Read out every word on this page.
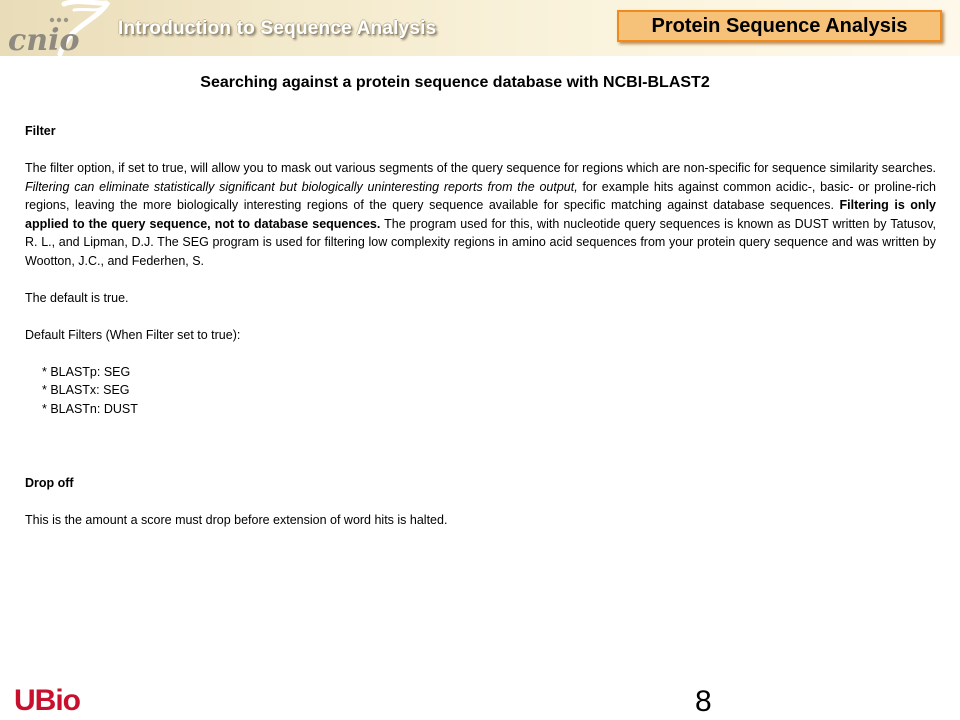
cnio Introduction to Sequence Analysis	Protein Sequence Analysis
Searching against a protein sequence database with NCBI-BLAST2

Filter

The filter option, if set to true, will allow you to mask out various segments of the query sequence for regions which are non-specific for sequence similarity searches. Filtering can eliminate statistically significant but biologically uninteresting reports from the output, for example hits against common acidic-, basic- or proline-rich regions, leaving the more biologically interesting regions of the query sequence available for specific matching against database sequences. Filtering is only applied to the query sequence, not to database sequences. The program used for this, with nucleotide query sequences is known as DUST written by Tatusov, R. L., and Lipman, D.J. The SEG program is used for filtering low complexity regions in amino acid sequences from your protein query sequence and was written by Wootton, J.C., and Federhen, S.

The default is true.

Default Filters (When Filter set to true):

* BLASTp: SEG

* BLASTx: SEG

* BLASTn: DUST

Drop off

This is the amount a score must drop before extension of word hits is halted.

UBio	8
